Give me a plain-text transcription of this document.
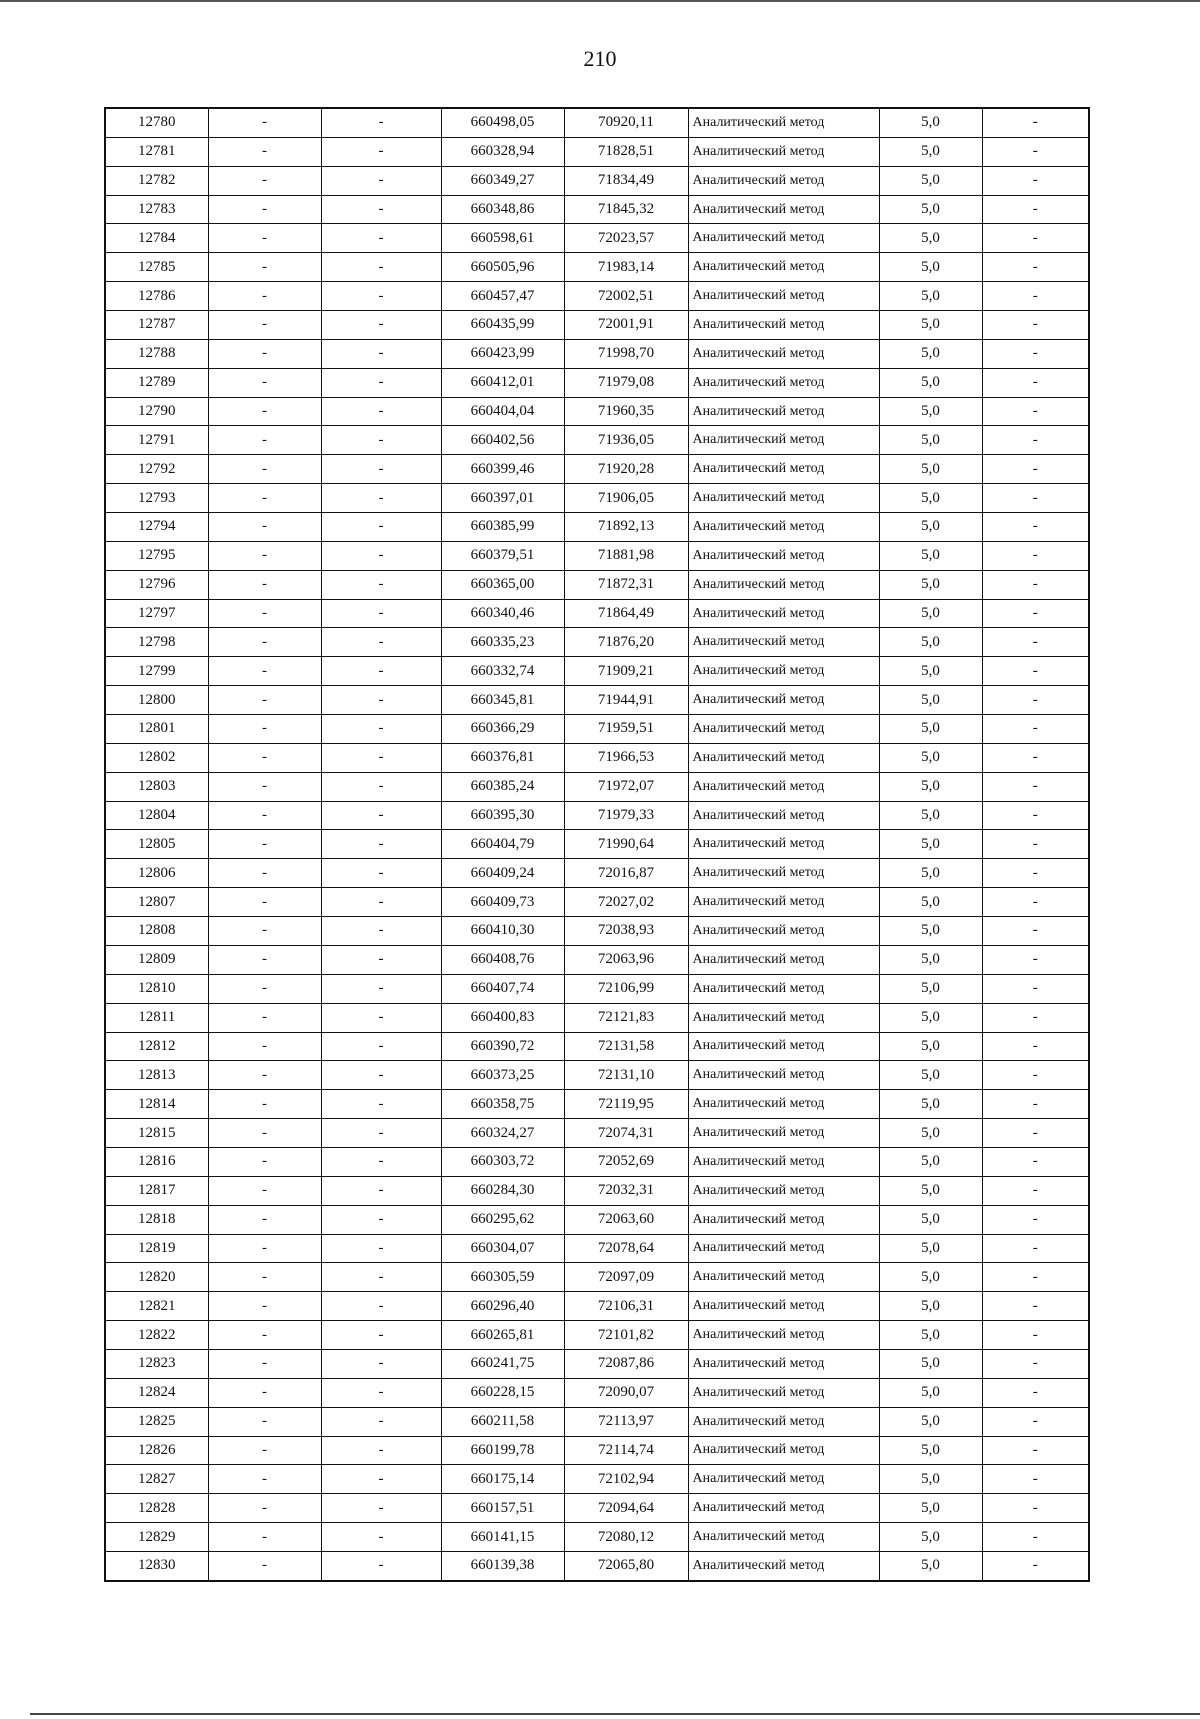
210
12780	-	-	660498,05	70920,11	Аналитический метод	5,0	-
12781	-	-	660328,94	71828,51	Аналитический метод	5,0	-
12782	-	-	660349,27	71834,49	Аналитический метод	5,0	-
12783	-	-	660348,86	71845,32	Аналитический метод	5,0	-
12784	-	-	660598,61	72023,57	Аналитический метод	5,0	-
12785	-	-	660505,96	71983,14	Аналитический метод	5,0	-
12786	-	-	660457,47	72002,51	Аналитический метод	5,0	-
12787	-	-	660435,99	72001,91	Аналитический метод	5,0	-
12788	-	-	660423,99	71998,70	Аналитический метод	5,0	-
12789	-	-	660412,01	71979,08	Аналитический метод	5,0	-
12790	-	-	660404,04	71960,35	Аналитический метод	5,0	-
12791	-	-	660402,56	71936,05	Аналитический метод	5,0	-
12792	-	-	660399,46	71920,28	Аналитический метод	5,0	-
12793	-	-	660397,01	71906,05	Аналитический метод	5,0	-
12794	-	-	660385,99	71892,13	Аналитический метод	5,0	-
12795	-	-	660379,51	71881,98	Аналитический метод	5,0	-
12796	-	-	660365,00	71872,31	Аналитический метод	5,0	-
12797	-	-	660340,46	71864,49	Аналитический метод	5,0	-
12798	-	-	660335,23	71876,20	Аналитический метод	5,0	-
12799	-	-	660332,74	71909,21	Аналитический метод	5,0	-
12800	-	-	660345,81	71944,91	Аналитический метод	5,0	-
12801	-	-	660366,29	71959,51	Аналитический метод	5,0	-
12802	-	-	660376,81	71966,53	Аналитический метод	5,0	-
12803	-	-	660385,24	71972,07	Аналитический метод	5,0	-
12804	-	-	660395,30	71979,33	Аналитический метод	5,0	-
12805	-	-	660404,79	71990,64	Аналитический метод	5,0	-
12806	-	-	660409,24	72016,87	Аналитический метод	5,0	-
12807	-	-	660409,73	72027,02	Аналитический метод	5,0	-
12808	-	-	660410,30	72038,93	Аналитический метод	5,0	-
12809	-	-	660408,76	72063,96	Аналитический метод	5,0	-
12810	-	-	660407,74	72106,99	Аналитический метод	5,0	-
12811	-	-	660400,83	72121,83	Аналитический метод	5,0	-
12812	-	-	660390,72	72131,58	Аналитический метод	5,0	-
12813	-	-	660373,25	72131,10	Аналитический метод	5,0	-
12814	-	-	660358,75	72119,95	Аналитический метод	5,0	-
12815	-	-	660324,27	72074,31	Аналитический метод	5,0	-
12816	-	-	660303,72	72052,69	Аналитический метод	5,0	-
12817	-	-	660284,30	72032,31	Аналитический метод	5,0	-
12818	-	-	660295,62	72063,60	Аналитический метод	5,0	-
12819	-	-	660304,07	72078,64	Аналитический метод	5,0	-
12820	-	-	660305,59	72097,09	Аналитический метод	5,0	-
12821	-	-	660296,40	72106,31	Аналитический метод	5,0	-
12822	-	-	660265,81	72101,82	Аналитический метод	5,0	-
12823	-	-	660241,75	72087,86	Аналитический метод	5,0	-
12824	-	-	660228,15	72090,07	Аналитический метод	5,0	-
12825	-	-	660211,58	72113,97	Аналитический метод	5,0	-
12826	-	-	660199,78	72114,74	Аналитический метод	5,0	-
12827	-	-	660175,14	72102,94	Аналитический метод	5,0	-
12828	-	-	660157,51	72094,64	Аналитический метод	5,0	-
12829	-	-	660141,15	72080,12	Аналитический метод	5,0	-
12830	-	-	660139,38	72065,80	Аналитический метод	5,0	-
